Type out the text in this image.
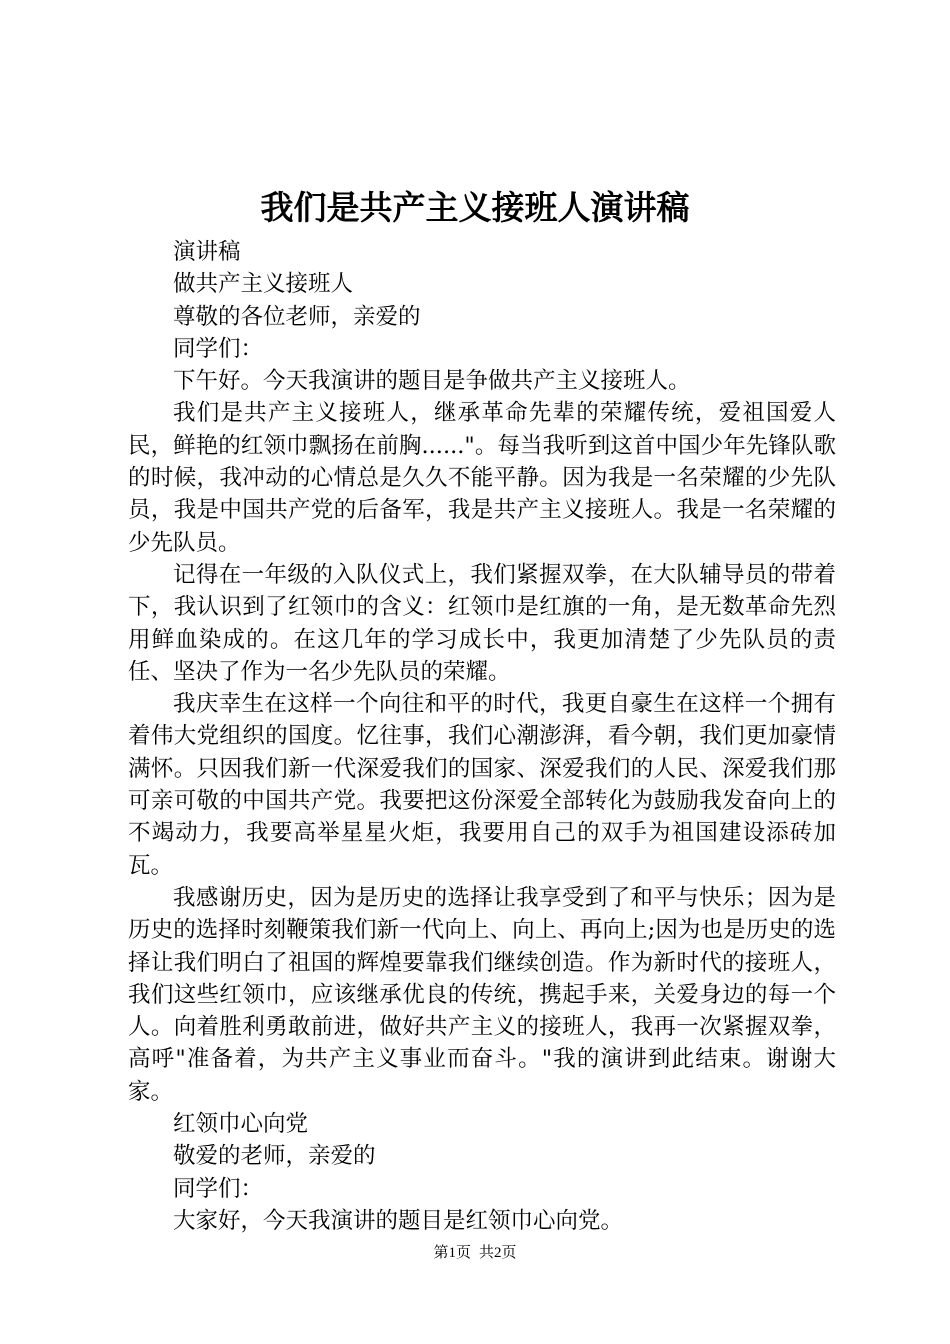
我们是共产主义接班人演讲稿

演讲稿

做共产主义接班人

尊敬的各位老师，亲爱的

同学们：

下午好。今天我演讲的题目是争做共产主义接班人。

我们是共产主义接班人，继承革命先辈的荣耀传统，爱祖国爱人民，鲜艳的红领巾飘扬在前胸......"。每当我听到这首中国少年先锋队歌的时候，我冲动的心情总是久久不能平静。因为我是一名荣耀的少先队员，我是中国共产党的后备军，我是共产主义接班人。我是一名荣耀的少先队员。

记得在一年级的入队仪式上，我们紧握双拳，在大队辅导员的带着下，我认识到了红领巾的含义：红领巾是红旗的一角，是无数革命先烈用鲜血染成的。在这几年的学习成长中，我更加清楚了少先队员的责任、坚决了作为一名少先队员的荣耀。

我庆幸生在这样一个向往和平的时代，我更自豪生在这样一个拥有着伟大党组织的国度。忆往事，我们心潮澎湃，看今朝，我们更加豪情满怀。只因我们新一代深爱我们的国家、深爱我们的人民、深爱我们那可亲可敬的中国共产党。我要把这份深爱全部转化为鼓励我发奋向上的不竭动力，我要高举星星火炬，我要用自己的双手为祖国建设添砖加瓦。

我感谢历史，因为是历史的选择让我享受到了和平与快乐；因为是历史的选择时刻鞭策我们新一代向上、向上、再向上;因为也是历史的选择让我们明白了祖国的辉煌要靠我们继续创造。作为新时代的接班人，我们这些红领巾，应该继承优良的传统，携起手来，关爱身边的每一个人。向着胜利勇敢前进，做好共产主义的接班人，我再一次紧握双拳，高呼"准备着，为共产主义事业而奋斗。"我的演讲到此结束。谢谢大家。

红领巾心向党

敬爱的老师，亲爱的

同学们：

大家好，今天我演讲的题目是红领巾心向党。

第1页 共2页
